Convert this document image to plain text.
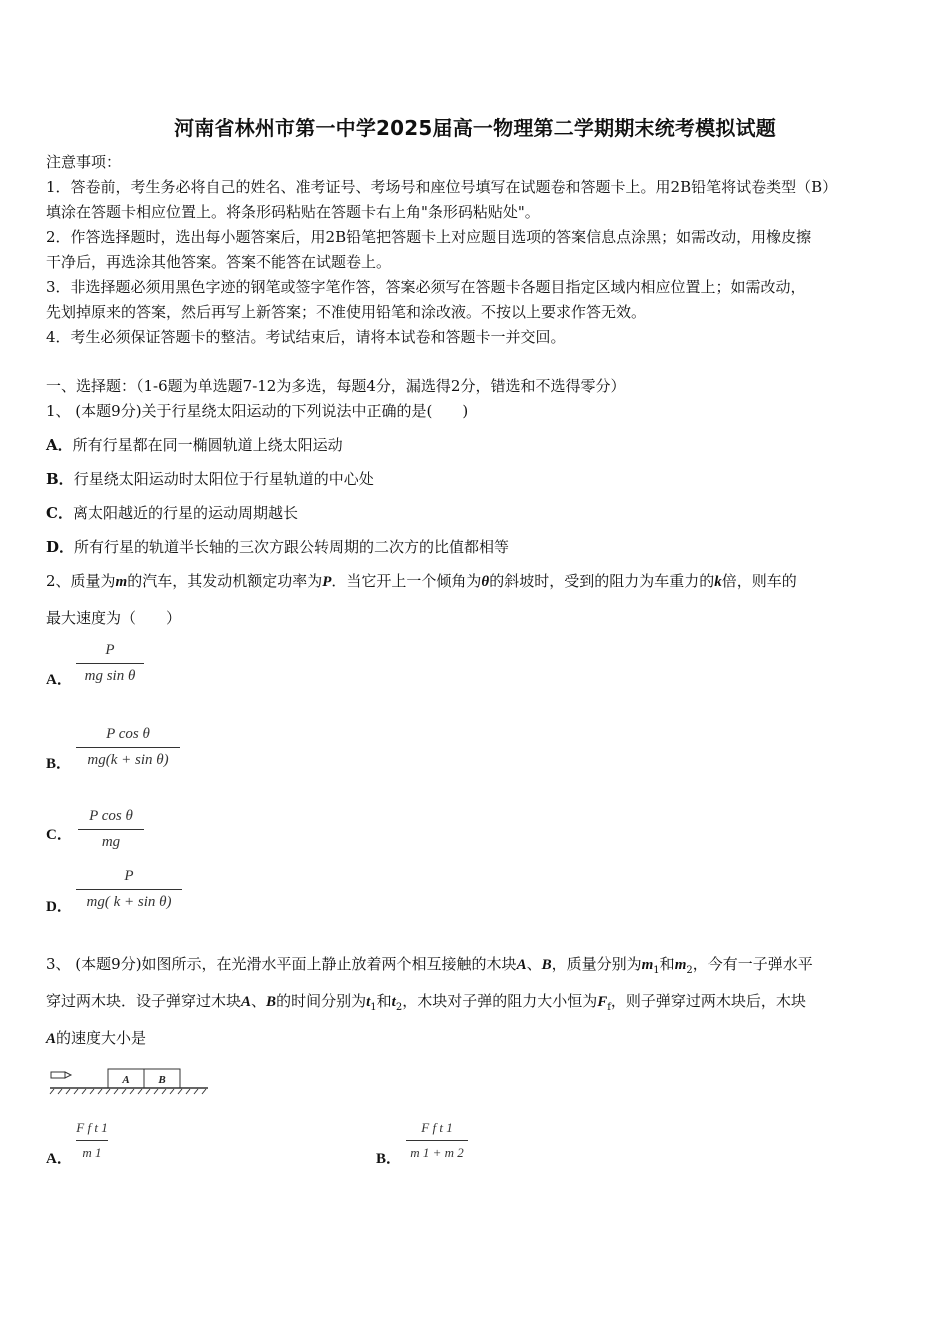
河南省林州市第一中学2025届高一物理第二学期期末统考模拟试题
注意事项：
1．答卷前，考生务必将自己的姓名、准考证号、考场号和座位号填写在试题卷和答题卡上。用2B铅笔将试卷类型（B）
填涂在答题卡相应位置上。将条形码粘贴在答题卡右上角"条形码粘贴处"。
2．作答选择题时，选出每小题答案后，用2B铅笔把答题卡上对应题目选项的答案信息点涂黑；如需改动，用橡皮擦
干净后，再选涂其他答案。答案不能答在试题卷上。
3．非选择题必须用黑色字迹的钢笔或签字笔作答，答案必须写在答题卡各题目指定区域内相应位置上；如需改动，
先划掉原来的答案，然后再写上新答案；不准使用铅笔和涂改液。不按以上要求作答无效。
4．考生必须保证答题卡的整洁。考试结束后，请将本试卷和答题卡一并交回。
一、选择题：（1-6题为单选题7-12为多选，每题4分，漏选得2分，错选和不选得零分）
1、 (本题9分)关于行星绕太阳运动的下列说法中正确的是(　　)
A．所有行星都在同一椭圆轨道上绕太阳运动
B．行星绕太阳运动时太阳位于行星轨道的中心处
C．离太阳越近的行星的运动周期越长
D．所有行星的轨道半长轴的三次方跟公转周期的二次方的比值都相等
2、质量为m的汽车，其发动机额定功率为P．当它开上一个倾角为θ的斜坡时，受到的阻力为车重力的k倍，则车的
最大速度为（　　）
A．
P
mg sin θ
B．
P cos θ
mg(k + sin θ)
C．
P cos θ
mg
D．
P
mg( k + sin θ)
3、 (本题9分)如图所示，在光滑水平面上静止放着两个相互接触的木块A、B，质量分别为$m_1$和$m_2$，今有一子弹水平
穿过两木块．设子弹穿过木块A、B的时间分别为$t_1$和$t_2$，木块对子弹的阻力大小恒为$F_f$，则子弹穿过两木块后，木块
A的速度大小是
A	B
A．
F f t 1
m 1	B．
F f t 1
m 1 + m 2
